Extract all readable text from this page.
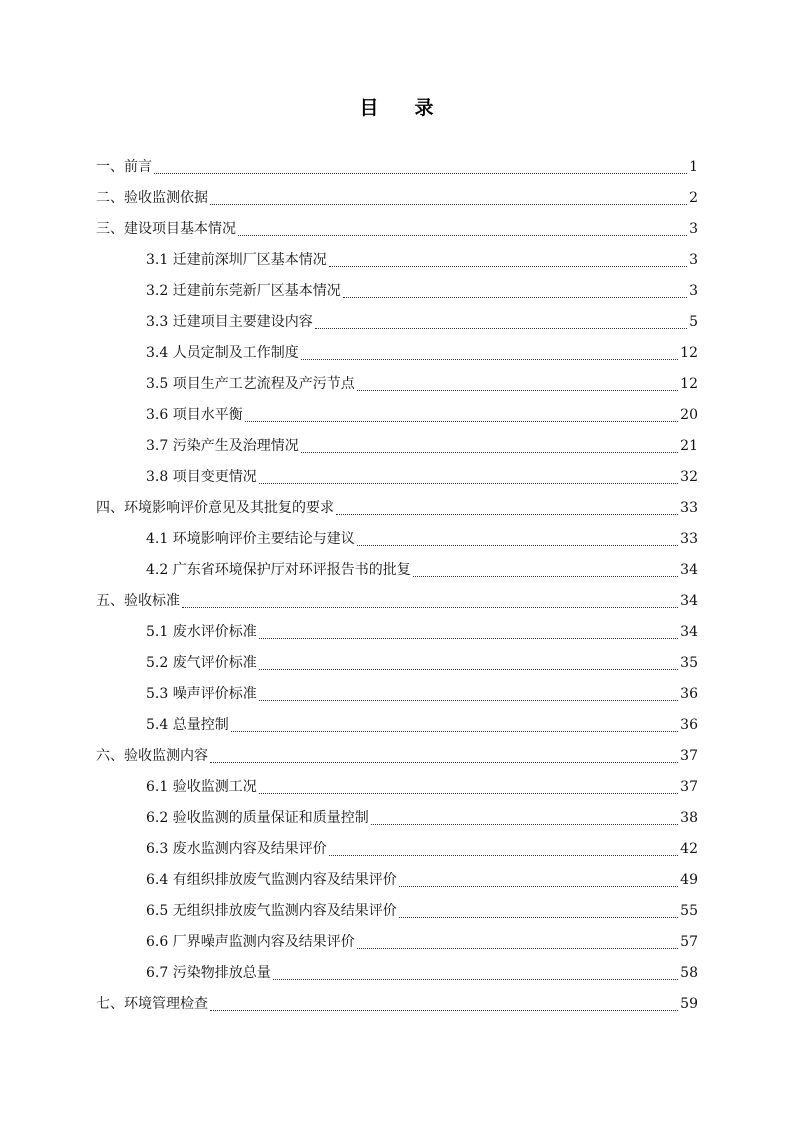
目 录
一、前言	1
二、验收监测依据	2
三、建设项目基本情况	3
3.1 迁建前深圳厂区基本情况	3
3.2 迁建前东莞新厂区基本情况	3
3.3 迁建项目主要建设内容	5
3.4 人员定制及工作制度	12
3.5 项目生产工艺流程及产污节点	12
3.6 项目水平衡	20
3.7 污染产生及治理情况	21
3.8 项目变更情况	32
四、环境影响评价意见及其批复的要求	33
4.1 环境影响评价主要结论与建议	33
4.2 广东省环境保护厅对环评报告书的批复	34
五、验收标准	34
5.1 废水评价标准	34
5.2 废气评价标准	35
5.3 噪声评价标准	36
5.4 总量控制	36
六、验收监测内容	37
6.1 验收监测工况	37
6.2 验收监测的质量保证和质量控制	38
6.3 废水监测内容及结果评价	42
6.4 有组织排放废气监测内容及结果评价	49
6.5 无组织排放废气监测内容及结果评价	55
6.6 厂界噪声监测内容及结果评价	57
6.7 污染物排放总量	58
七、环境管理检查	59
